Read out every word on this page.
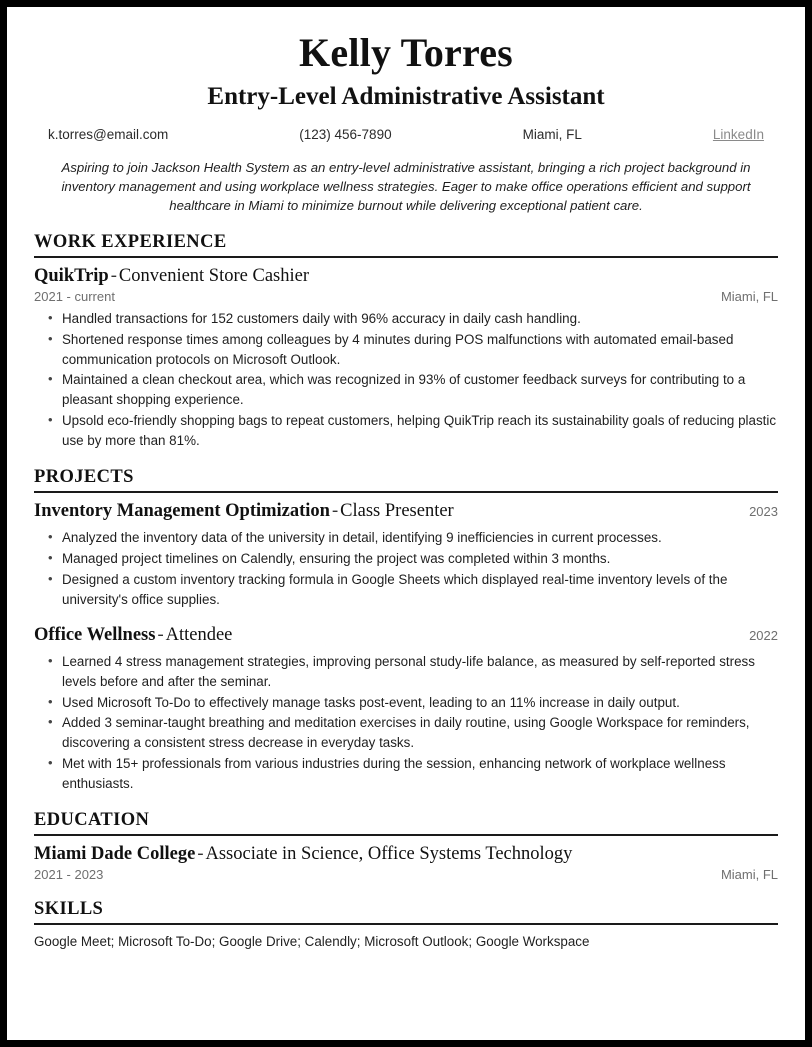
Kelly Torres
Entry-Level Administrative Assistant
k.torres@email.com	(123) 456-7890	Miami, FL	LinkedIn

Aspiring to join Jackson Health System as an entry-level administrative assistant, bringing a rich project background in inventory management and using workplace wellness strategies. Eager to make office operations efficient and support healthcare in Miami to minimize burnout while delivering exceptional patient care.

WORK EXPERIENCE
QuikTrip - Convenient Store Cashier
2021 - current	Miami, FL
• Handled transactions for 152 customers daily with 96% accuracy in daily cash handling.
• Shortened response times among colleagues by 4 minutes during POS malfunctions with automated email-based communication protocols on Microsoft Outlook.
• Maintained a clean checkout area, which was recognized in 93% of customer feedback surveys for contributing to a pleasant shopping experience.
• Upsold eco-friendly shopping bags to repeat customers, helping QuikTrip reach its sustainability goals of reducing plastic use by more than 81%.
PROJECTS
Inventory Management Optimization - Class Presenter	2023
• Analyzed the inventory data of the university in detail, identifying 9 inefficiencies in current processes.
• Managed project timelines on Calendly, ensuring the project was completed within 3 months.
• Designed a custom inventory tracking formula in Google Sheets which displayed real-time inventory levels of the university's office supplies.
Office Wellness - Attendee	2022
• Learned 4 stress management strategies, improving personal study-life balance, as measured by self-reported stress levels before and after the seminar.
• Used Microsoft To-Do to effectively manage tasks post-event, leading to an 11% increase in daily output.
• Added 3 seminar-taught breathing and meditation exercises in daily routine, using Google Workspace for reminders, discovering a consistent stress decrease in everyday tasks.
• Met with 15+ professionals from various industries during the session, enhancing network of workplace wellness enthusiasts.
EDUCATION
Miami Dade College - Associate in Science, Office Systems Technology
2021 - 2023	Miami, FL
SKILLS
Google Meet; Microsoft To-Do; Google Drive; Calendly; Microsoft Outlook; Google Workspace
